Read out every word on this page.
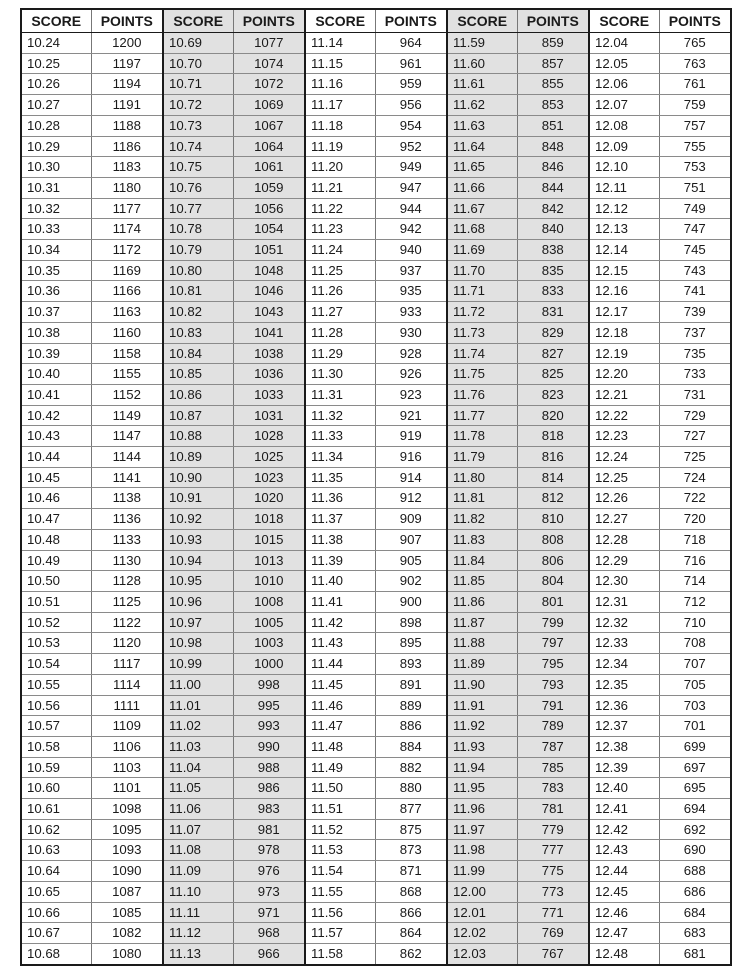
SCORE	POINTS	SCORE	POINTS	SCORE	POINTS	SCORE	POINTS	SCORE	POINTS
10.24	1200	10.69	1077	11.14	964	11.59	859	12.04	765
10.25	1197	10.70	1074	11.15	961	11.60	857	12.05	763
10.26	1194	10.71	1072	11.16	959	11.61	855	12.06	761
10.27	1191	10.72	1069	11.17	956	11.62	853	12.07	759
10.28	1188	10.73	1067	11.18	954	11.63	851	12.08	757
10.29	1186	10.74	1064	11.19	952	11.64	848	12.09	755
10.30	1183	10.75	1061	11.20	949	11.65	846	12.10	753
10.31	1180	10.76	1059	11.21	947	11.66	844	12.11	751
10.32	1177	10.77	1056	11.22	944	11.67	842	12.12	749
10.33	1174	10.78	1054	11.23	942	11.68	840	12.13	747
10.34	1172	10.79	1051	11.24	940	11.69	838	12.14	745
10.35	1169	10.80	1048	11.25	937	11.70	835	12.15	743
10.36	1166	10.81	1046	11.26	935	11.71	833	12.16	741
10.37	1163	10.82	1043	11.27	933	11.72	831	12.17	739
10.38	1160	10.83	1041	11.28	930	11.73	829	12.18	737
10.39	1158	10.84	1038	11.29	928	11.74	827	12.19	735
10.40	1155	10.85	1036	11.30	926	11.75	825	12.20	733
10.41	1152	10.86	1033	11.31	923	11.76	823	12.21	731
10.42	1149	10.87	1031	11.32	921	11.77	820	12.22	729
10.43	1147	10.88	1028	11.33	919	11.78	818	12.23	727
10.44	1144	10.89	1025	11.34	916	11.79	816	12.24	725
10.45	1141	10.90	1023	11.35	914	11.80	814	12.25	724
10.46	1138	10.91	1020	11.36	912	11.81	812	12.26	722
10.47	1136	10.92	1018	11.37	909	11.82	810	12.27	720
10.48	1133	10.93	1015	11.38	907	11.83	808	12.28	718
10.49	1130	10.94	1013	11.39	905	11.84	806	12.29	716
10.50	1128	10.95	1010	11.40	902	11.85	804	12.30	714
10.51	1125	10.96	1008	11.41	900	11.86	801	12.31	712
10.52	1122	10.97	1005	11.42	898	11.87	799	12.32	710
10.53	1120	10.98	1003	11.43	895	11.88	797	12.33	708
10.54	1117	10.99	1000	11.44	893	11.89	795	12.34	707
10.55	1114	11.00	998	11.45	891	11.90	793	12.35	705
10.56	1111	11.01	995	11.46	889	11.91	791	12.36	703
10.57	1109	11.02	993	11.47	886	11.92	789	12.37	701
10.58	1106	11.03	990	11.48	884	11.93	787	12.38	699
10.59	1103	11.04	988	11.49	882	11.94	785	12.39	697
10.60	1101	11.05	986	11.50	880	11.95	783	12.40	695
10.61	1098	11.06	983	11.51	877	11.96	781	12.41	694
10.62	1095	11.07	981	11.52	875	11.97	779	12.42	692
10.63	1093	11.08	978	11.53	873	11.98	777	12.43	690
10.64	1090	11.09	976	11.54	871	11.99	775	12.44	688
10.65	1087	11.10	973	11.55	868	12.00	773	12.45	686
10.66	1085	11.11	971	11.56	866	12.01	771	12.46	684
10.67	1082	11.12	968	11.57	864	12.02	769	12.47	683
10.68	1080	11.13	966	11.58	862	12.03	767	12.48	681
